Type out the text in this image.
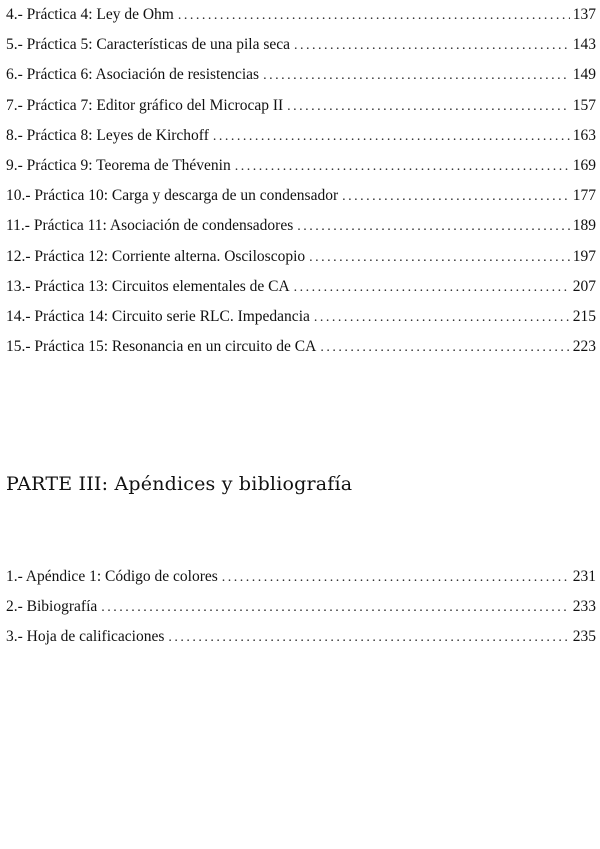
4.- Práctica 4: Ley de Ohm . . .	137
5.- Práctica 5: Características de una pila seca . . .	143
6.- Práctica 6: Asociación de resistencias . . .	149
7.- Práctica 7: Editor gráfico del Microcap II . . .	157
8.- Práctica 8: Leyes de Kirchoff . . .	163
9.- Práctica 9: Teorema de Thévenin . . .	169
10.- Práctica 10: Carga y descarga de un condensador . . .	177
11.- Práctica 11: Asociación de condensadores . . .	189
12.- Práctica 12: Corriente alterna. Osciloscopio . . .	197
13.- Práctica 13: Circuitos elementales de CA . . .	207
14.- Práctica 14: Circuito serie RLC. Impedancia . . .	215
15.- Práctica 15: Resonancia en un circuito de CA . . .	223
PARTE III: Apéndices y bibliografía
1.- Apéndice 1: Código de colores . . .	231
2.- Bibiografía . . .	233
3.- Hoja de calificaciones . . .	235
